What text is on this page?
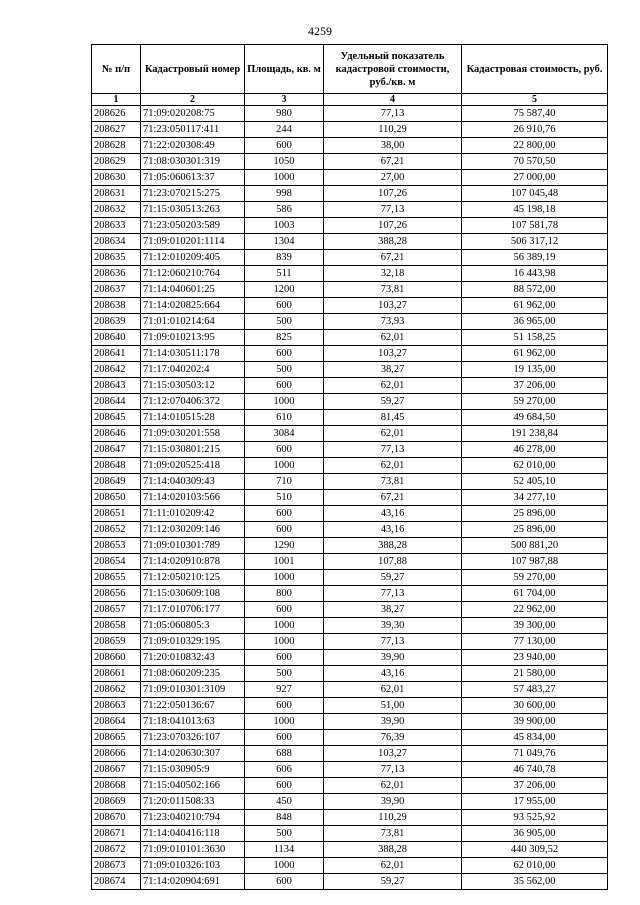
4259
№ п/п	Кадастровый номер	Площадь, кв. м	Удельный показатель кадастровой стоимости, руб./кв. м	Кадастровая стоимость, руб.
1	2	3	4	5
208626	71:09:020208:75	980	77,13	75 587,40
208627	71:23:050117:411	244	110,29	26 910,76
208628	71:22:020308:49	600	38,00	22 800,00
208629	71:08:030301:319	1050	67,21	70 570,50
208630	71:05:060613:37	1000	27,00	27 000,00
208631	71:23:070215:275	998	107,26	107 045,48
208632	71:15:030513:263	586	77,13	45 198,18
208633	71:23:050203:589	1003	107,26	107 581,78
208634	71:09:010201:1114	1304	388,28	506 317,12
208635	71:12:010209:405	839	67,21	56 389,19
208636	71:12:060210:764	511	32,18	16 443,98
208637	71:14:040601:25	1200	73,81	88 572,00
208638	71:14:020825:664	600	103,27	61 962,00
208639	71:01:010214:64	500	73,93	36 965,00
208640	71:09:010213:95	825	62,01	51 158,25
208641	71:14:030511:178	600	103,27	61 962,00
208642	71:17:040202:4	500	38,27	19 135,00
208643	71:15:030503:12	600	62,01	37 206,00
208644	71:12:070406:372	1000	59,27	59 270,00
208645	71:14:010515:28	610	81,45	49 684,50
208646	71:09:030201:558	3084	62,01	191 238,84
208647	71:15:030801:215	600	77,13	46 278,00
208648	71:09:020525:418	1000	62,01	62 010,00
208649	71:14:040309:43	710	73,81	52 405,10
208650	71:14:020103:566	510	67,21	34 277,10
208651	71:11:010209:42	600	43,16	25 896,00
208652	71:12:030209:146	600	43,16	25 896,00
208653	71:09:010301:789	1290	388,28	500 881,20
208654	71:14:020910:878	1001	107,88	107 987,88
208655	71:12:050210:125	1000	59,27	59 270,00
208656	71:15:030609:108	800	77,13	61 704,00
208657	71:17:010706:177	600	38,27	22 962,00
208658	71:05:060805:3	1000	39,30	39 300,00
208659	71:09:010329:195	1000	77,13	77 130,00
208660	71:20:010832:43	600	39,90	23 940,00
208661	71:08:060209:235	500	43,16	21 580,00
208662	71:09:010301:3109	927	62,01	57 483,27
208663	71:22:050136:67	600	51,00	30 600,00
208664	71:18:041013:63	1000	39,90	39 900,00
208665	71:23:070326:107	600	76,39	45 834,00
208666	71:14:020630:307	688	103,27	71 049,76
208667	71:15:030905:9	606	77,13	46 740,78
208668	71:15:040502:166	600	62,01	37 206,00
208669	71:20:011508:33	450	39,90	17 955,00
208670	71:23:040210:794	848	110,29	93 525,92
208671	71:14:040416:118	500	73,81	36 905,00
208672	71:09:010101:3630	1134	388,28	440 309,52
208673	71:09:010326:103	1000	62,01	62 010,00
208674	71:14:020904:691	600	59,27	35 562,00
